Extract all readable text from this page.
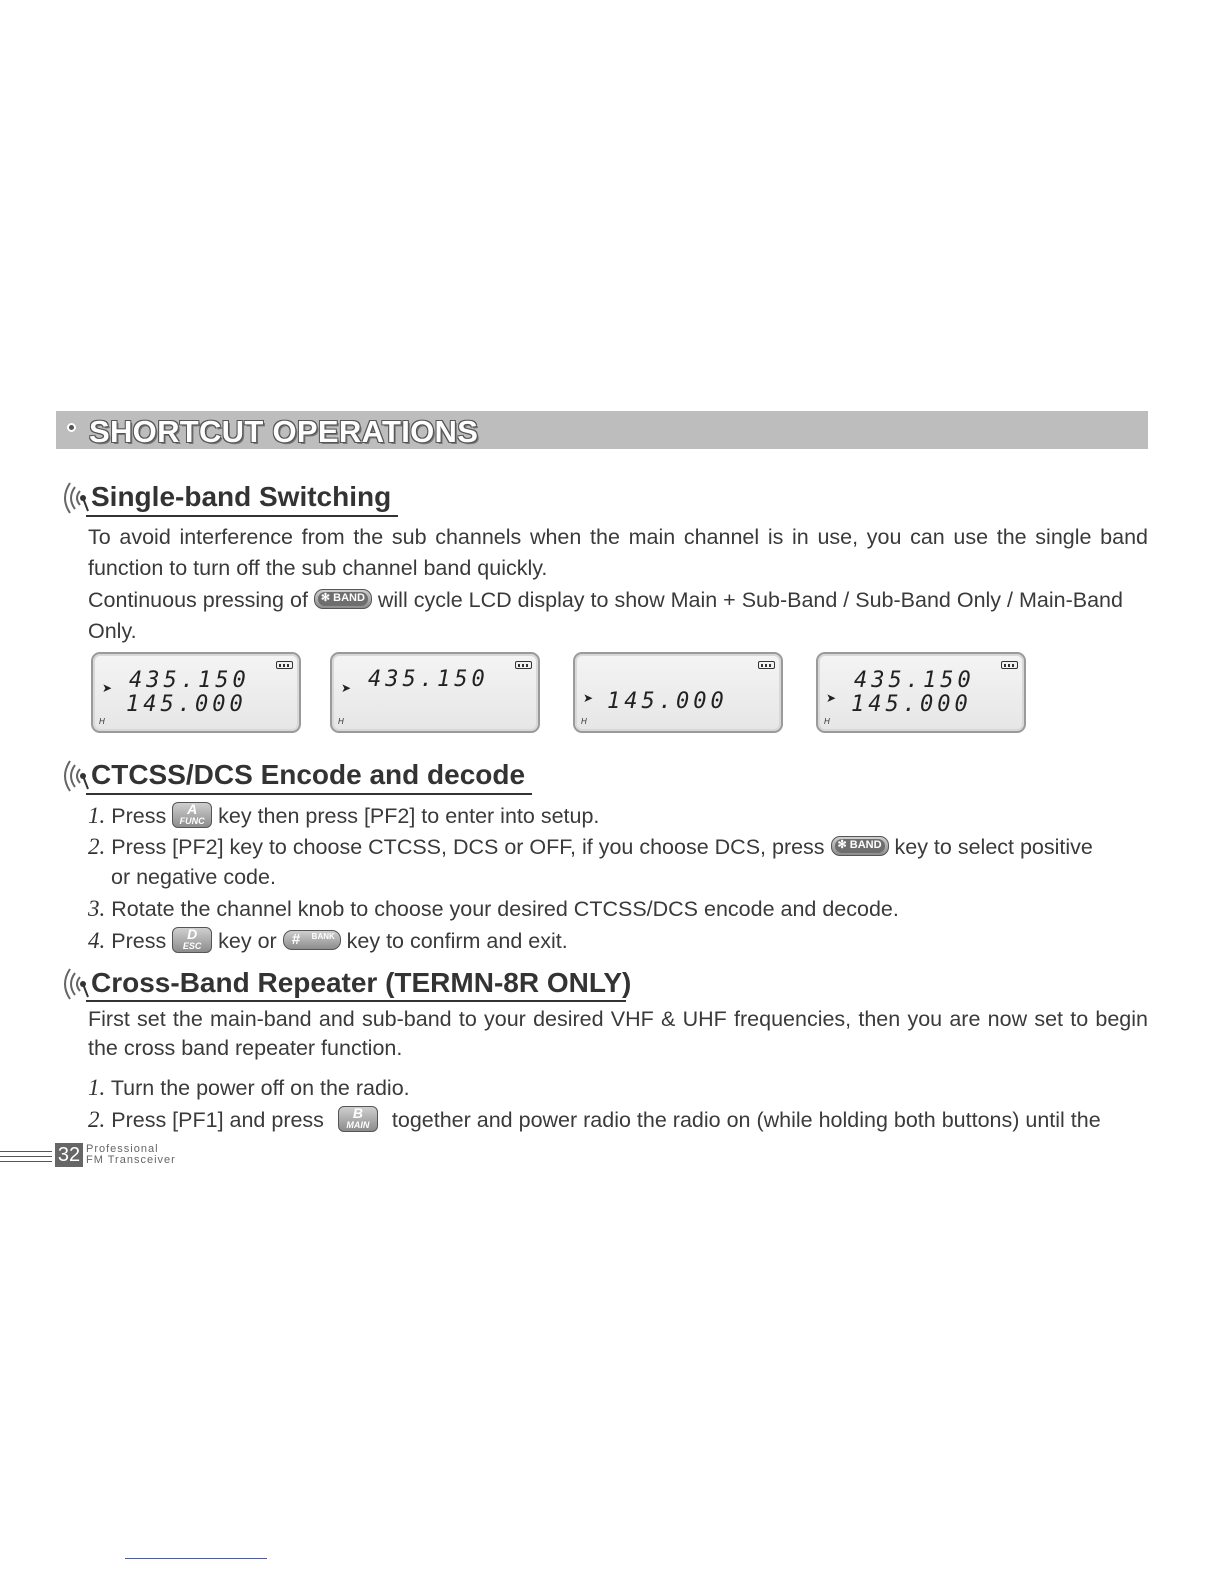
SHORTCUT OPERATIONS
Single-band Switching
To avoid interference from the sub channels when the main channel is in use, you can use the single band function to turn off the sub channel band quickly.
Continuous pressing of ✻ BAND will cycle LCD display to show Main + Sub-Band / Sub-Band Only / Main-Band Only.
➤ 435.150
145.000
H
➤ 435.150
H
➤ 145.000
H
➤
435.150
145.000
H
CTCSS/DCS Encode and decode
1. Press	A
FUNC key then press [PF2] to enter into setup.
2. Press [PF2] key to choose CTCSS, DCS or OFF, if you choose DCS, press ✻ BAND key to select positive
or negative code.
3. Rotate the channel knob to choose your desired CTCSS/DCS encode and decode.
4. Press	D
ESC key or # BANK key to confirm and exit.
Cross-Band Repeater (TERMN-8R ONLY)
First set the main-band and sub-band to your desired VHF & UHF frequencies, then you are now set to begin the cross band repeater function.
1. Turn the power off on the radio.
2. Press [PF1] and press	B
MAIN together and power radio the radio on (while holding both buttons) until the
32 Professional
FM Transceiver
